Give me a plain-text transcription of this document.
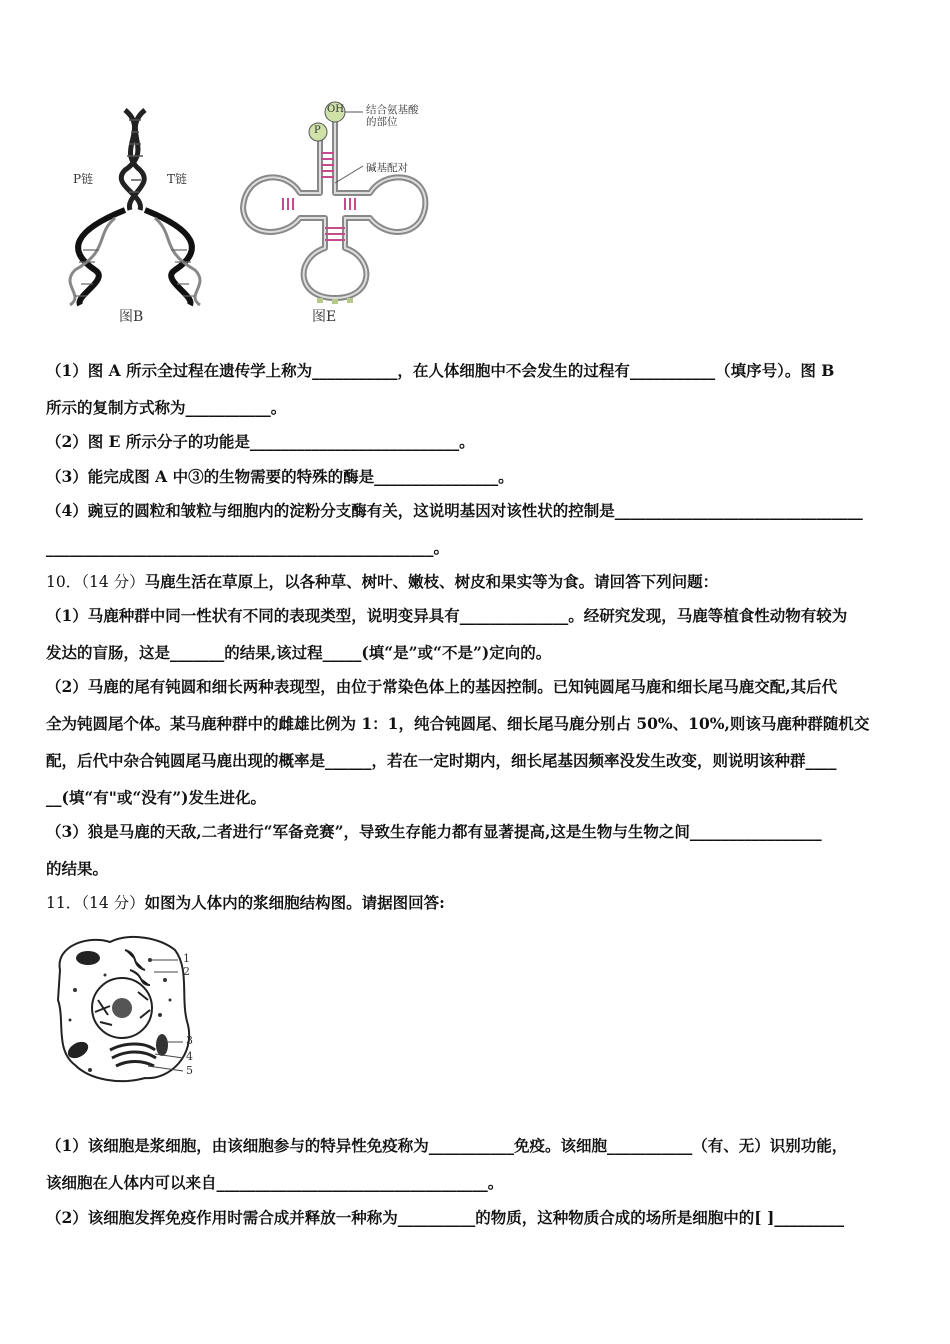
P链	T链
图B
OH
P
结合氨基酸
的部位
碱基配对
图E
（1）图 A 所示全过程在遗传学上称为___________，在人体细胞中不会发生的过程有___________（填序号）。图 B
所示的复制方式称为___________。
（2）图 E 所示分子的功能是___________________________。
（3）能完成图 A 中③的生物需要的特殊的酶是________________。
（4）豌豆的圆粒和皱粒与细胞内的淀粉分支酶有关，这说明基因对该性状的控制是________________________________
__________________________________________________。
10．（14 分）马鹿生活在草原上，以各种草、树叶、嫩枝、树皮和果实等为食。请回答下列问题：
（1）马鹿种群中同一性状有不同的表现类型，说明变异具有______________。经研究发现，马鹿等植食性动物有较为
发达的盲肠，这是_______的结果,该过程_____(填“是”或“不是”)定向的。
（2）马鹿的尾有钝圆和细长两种表现型，由位于常染色体上的基因控制。已知钝圆尾马鹿和细长尾马鹿交配,其后代
全为钝圆尾个体。某马鹿种群中的雌雄比例为 1：1，纯合钝圆尾、细长尾马鹿分别占 50%、10%,则该马鹿种群随机交
配，后代中杂合钝圆尾马鹿出现的概率是______，若在一定时期内，细长尾基因频率没发生改变，则说明该种群____
__(填“有"或“没有”)发生进化。
（3）狼是马鹿的天敌,二者进行“军备竞赛”，导致生存能力都有显著提高,这是生物与生物之间_________________
的结果。
11．（14 分）如图为人体内的浆细胞结构图。请据图回答:
1
2
3
4
5
（1）该细胞是浆细胞，由该细胞参与的特异性免疫称为___________免疫。该细胞___________（有、无）识别功能，
该细胞在人体内可以来自___________________________________。
（2）该细胞发挥免疫作用时需合成并释放一种称为__________的物质，这种物质合成的场所是细胞中的[ ]_________
